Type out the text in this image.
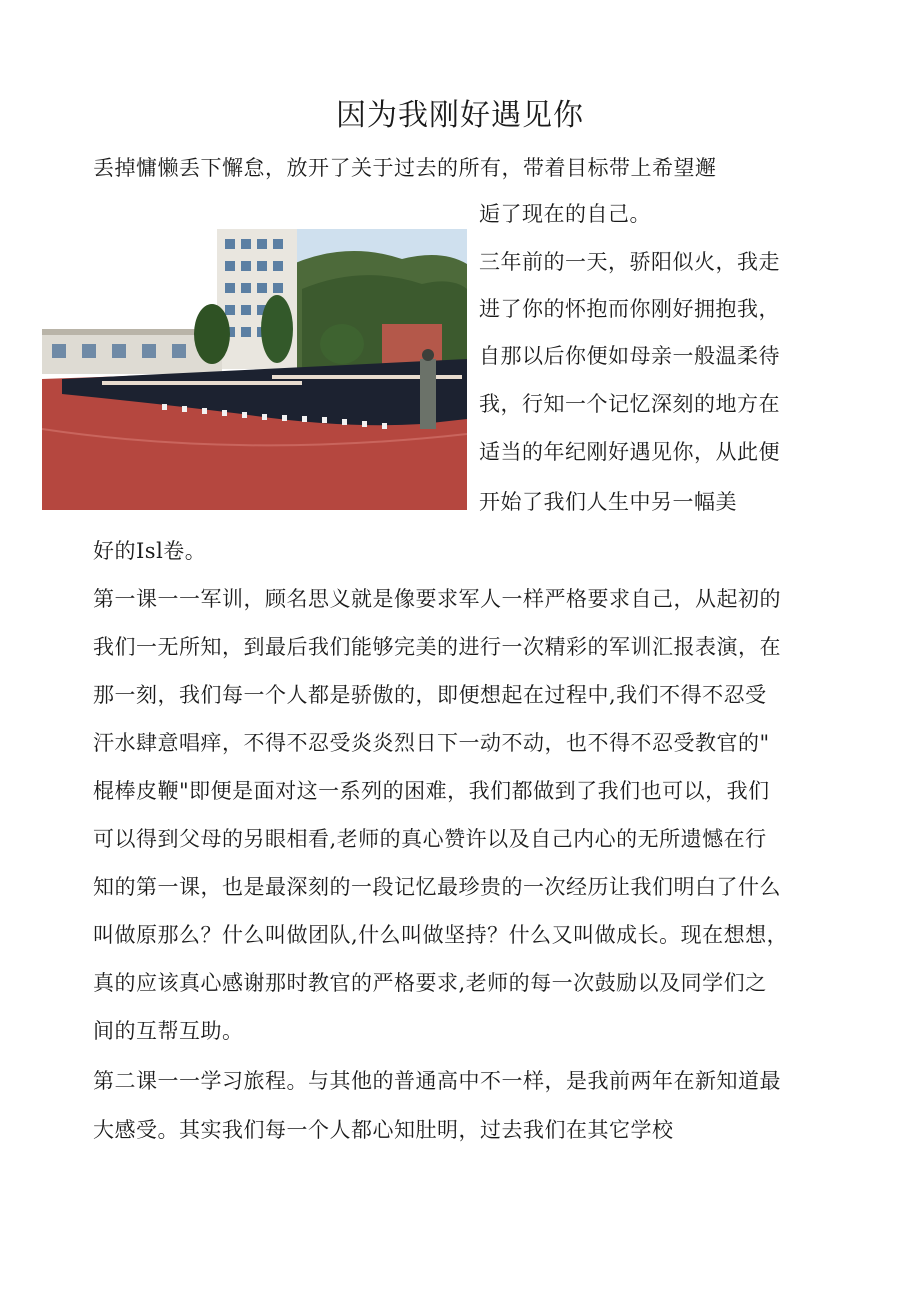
因为我刚好遇见你
丢掉慵懒丢下懈怠，放开了关于过去的所有，带着目标带上希望邂
逅了现在的自己。
三年前的一天，骄阳似火，我走
进了你的怀抱而你刚好拥抱我，
自那以后你便如母亲一般温柔待
我，行知一个记忆深刻的地方在
适当的年纪刚好遇见你，从此便
开始了我们人生中另一幅美
好的Isl卷。
第一课一一军训，顾名思义就是像要求军人一样严格要求自己，从起初的
我们一无所知，到最后我们能够完美的进行一次精彩的军训汇报表演，在
那一刻，我们每一个人都是骄傲的，即便想起在过程中,我们不得不忍受
汗水肆意唱痒，不得不忍受炎炎烈日下一动不动，也不得不忍受教官的"
棍棒皮鞭"即便是面对这一系列的困难，我们都做到了我们也可以，我们
可以得到父母的另眼相看,老师的真心赞许以及自己内心的无所遗憾在行
知的第一课，也是最深刻的一段记忆最珍贵的一次经历让我们明白了什么
叫做原那么？什么叫做团队,什么叫做坚持？什么又叫做成长。现在想想，
真的应该真心感谢那时教官的严格要求,老师的每一次鼓励以及同学们之
间的互帮互助。
第二课一一学习旅程。与其他的普通高中不一样，是我前两年在新知道最
大感受。其实我们每一个人都心知肚明，过去我们在其它学校
